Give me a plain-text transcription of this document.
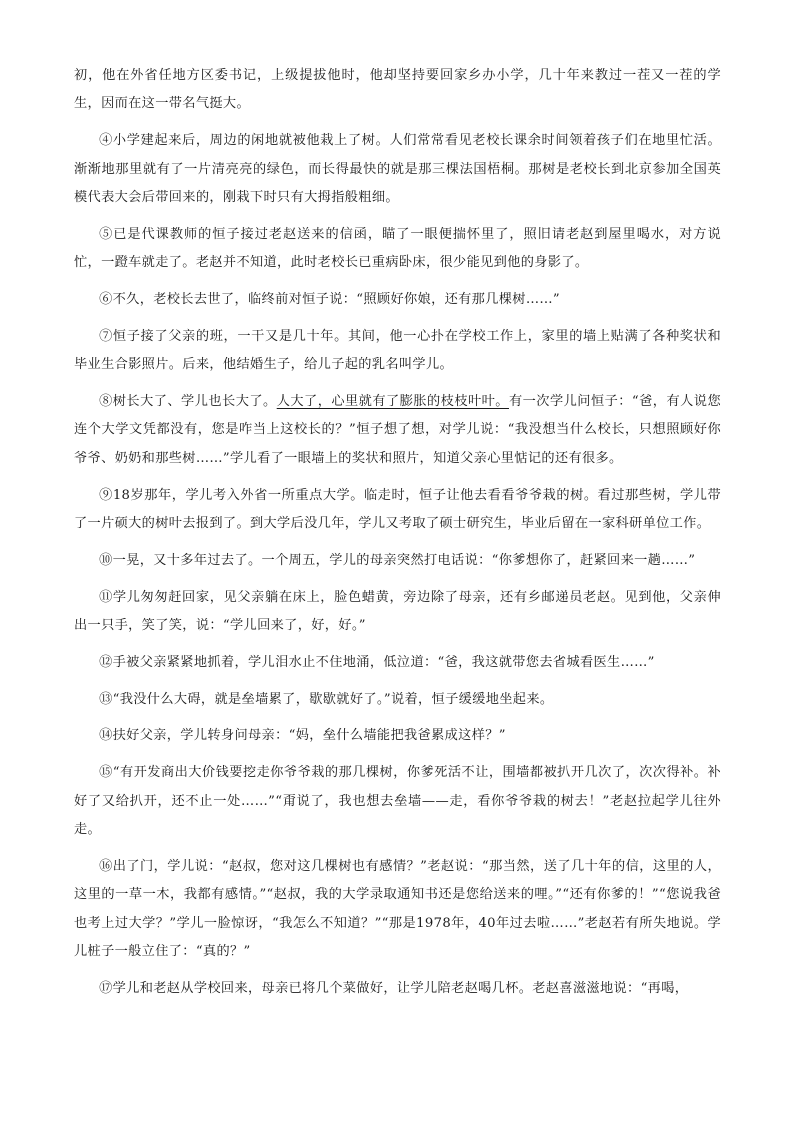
初，他在外省任地方区委书记，上级提拔他时，他却坚持要回家乡办小学，几十年来教过一茬又一茬的学生，因而在这一带名气挺大。

④小学建起来后，周边的闲地就被他栽上了树。人们常常看见老校长课余时间领着孩子们在地里忙活。渐渐地那里就有了一片清亮亮的绿色，而长得最快的就是那三棵法国梧桐。那树是老校长到北京参加全国英模代表大会后带回来的，刚栽下时只有大拇指般粗细。

⑤已是代课教师的恒子接过老赵送来的信函，瞄了一眼便揣怀里了，照旧请老赵到屋里喝水，对方说忙，一蹬车就走了。老赵并不知道，此时老校长已重病卧床，很少能见到他的身影了。

⑥不久，老校长去世了，临终前对恒子说：“照顾好你娘，还有那几棵树……”

⑦恒子接了父亲的班，一干又是几十年。其间，他一心扑在学校工作上，家里的墙上贴满了各种奖状和毕业生合影照片。后来，他结婚生子，给儿子起的乳名叫学儿。

⑧树长大了、学儿也长大了。人大了，心里就有了膨胀的枝枝叶叶。有一次学儿问恒子：“爸，有人说您连个大学文凭都没有，您是咋当上这校长的？”恒子想了想，对学儿说：“我没想当什么校长，只想照顾好你爷爷、奶奶和那些树……”学儿看了一眼墙上的奖状和照片，知道父亲心里惦记的还有很多。

⑨18岁那年，学儿考入外省一所重点大学。临走时，恒子让他去看看爷爷栽的树。看过那些树，学儿带了一片硕大的树叶去报到了。到大学后没几年，学儿又考取了硕士研究生，毕业后留在一家科研单位工作。

⑩一晃，又十多年过去了。一个周五，学儿的母亲突然打电话说：“你爹想你了，赶紧回来一趟……”

⑪学儿匆匆赶回家，见父亲躺在床上，脸色蜡黄，旁边除了母亲，还有乡邮递员老赵。见到他，父亲伸出一只手，笑了笑，说：“学儿回来了，好，好。”

⑫手被父亲紧紧地抓着，学儿泪水止不住地涌，低泣道：“爸，我这就带您去省城看医生……”

⑬“我没什么大碍，就是垒墙累了，歇歇就好了。”说着，恒子缓缓地坐起来。

⑭扶好父亲，学儿转身问母亲：“妈，垒什么墙能把我爸累成这样？”

⑮“有开发商出大价钱要挖走你爷爷栽的那几棵树，你爹死活不让，围墙都被扒开几次了，次次得补。补好了又给扒开，还不止一处……”“甭说了，我也想去垒墙——走，看你爷爷栽的树去！”老赵拉起学儿往外走。

⑯出了门，学儿说：“赵叔，您对这几棵树也有感情？”老赵说：“那当然，送了几十年的信，这里的人，这里的一草一木，我都有感情。”“赵叔，我的大学录取通知书还是您给送来的哩。”“还有你爹的！”“您说我爸也考上过大学？”学儿一脸惊讶，“我怎么不知道？”“那是1978年，40年过去啦……”老赵若有所失地说。学儿桩子一般立住了：“真的？”

⑰学儿和老赵从学校回来，母亲已将几个菜做好，让学儿陪老赵喝几杯。老赵喜滋滋地说：“再喝，
